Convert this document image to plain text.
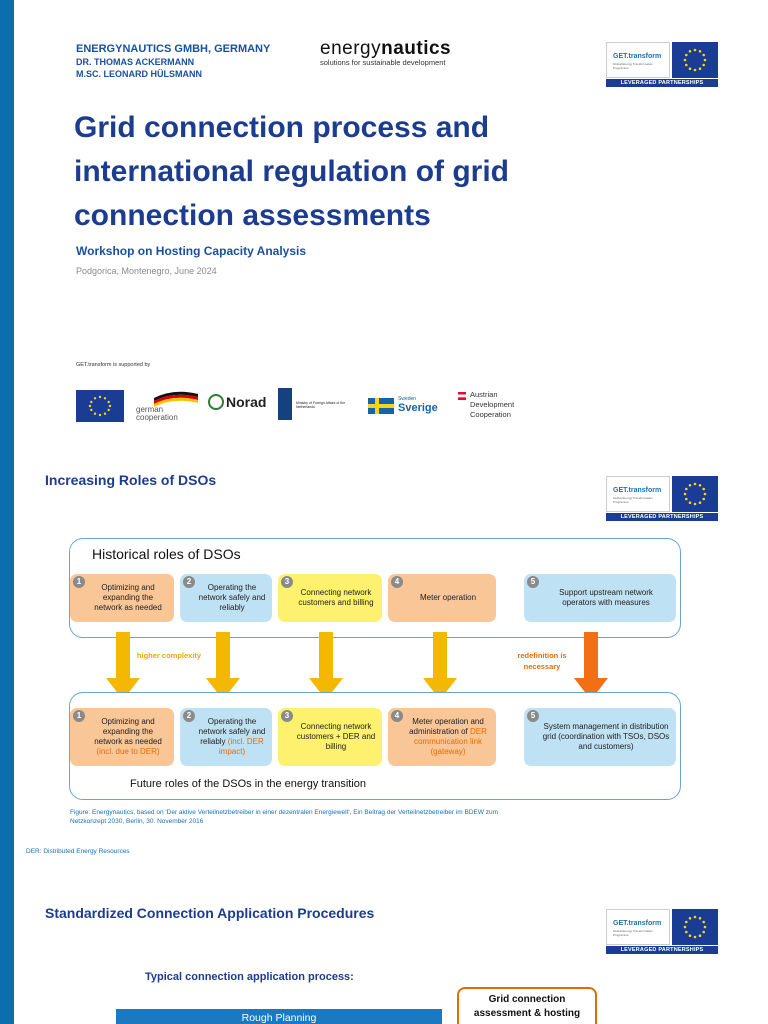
ENERGYNAUTICS GMBH, GERMANY
DR. THOMAS ACKERMANN
M.SC. LEONARD HÜLSMANN
energynautics
solutions for sustainable development
GET.transform
Global Energy Transformation Programme
LEVERAGED PARTNERSHIPS
Grid connection process and international regulation of grid connection assessments
Workshop on Hosting Capacity Analysis
Podgorica, Montenegro, June 2024
GET.transform is supported by
german cooperation
Norad	Ministry of Foreign Affairs of the Netherlands
Sweden
Sverige
Austrian Development Cooperation
Increasing Roles of DSOs
GET.transform
Global Energy Transformation Programme
LEVERAGED PARTNERSHIPS
Historical roles of DSOs
1
Optimizing and expanding the network as needed
2
Operating the network safely and reliably
3
Connecting network customers and billing
4
Meter operation
5
Support upstream network operators with measures
higher complexity	redefinition is necessary
1
Optimizing and expanding the network as needed (incl. due to DER)
2
Operating the network safely and reliably (incl. DER impact)
3
Connecting network customers + DER and billing
4
Meter operation and administration of DER communication link (gateway)
5
System management in distribution grid (coordination with TSOs, DSOs and customers)
Future roles of the DSOs in the energy transition
Figure: Energynautics, based on 'Der aktive Verteilnetzbetreiber in einer dezentralen Energiewelt', Ein Beitrag der Verteilnetzbetreiber im BDEW zum Netzkonzept 2030, Berlin, 30. November 2016
DER: Distributed Energy Resources
Standardized Connection Application Procedures
GET.transform
Global Energy Transformation Programme
LEVERAGED PARTNERSHIPS
Typical connection application process:
Grid connection assessment & hosting
Rough Planning
